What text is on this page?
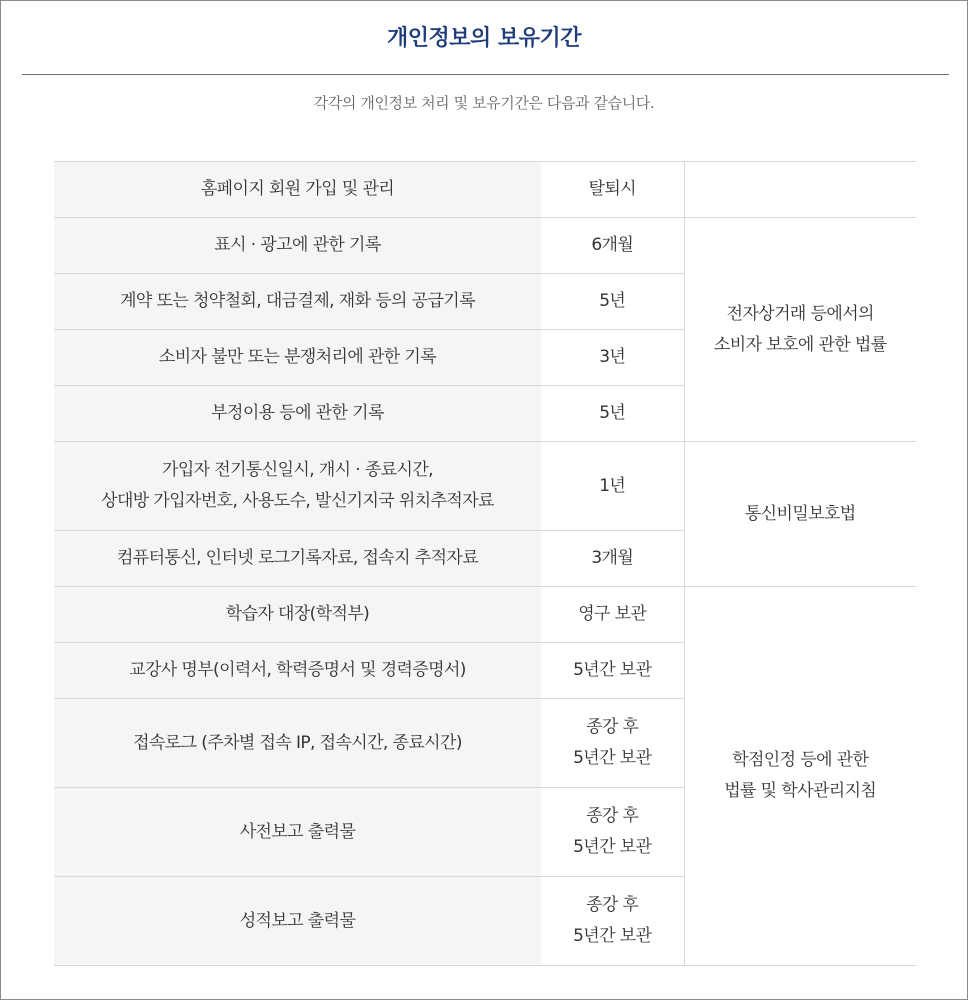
개인정보의 보유기간
각각의 개인정보 처리 및 보유기간은 다음과 같습니다.
홈페이지 회원 가입 및 관리	탈퇴시	

표시 · 광고에 관한 기록	6개월	전자상거래 등에서의
소비자 보호에 관한 법률

계약 또는 청약철회, 대금결제, 재화 등의 공급기록	5년	

소비자 불만 또는 분쟁처리에 관한 기록	3년	

부정이용 등에 관한 기록	5년	

가입자 전기통신일시, 개시 · 종료시간,
상대방 가입자번호, 사용도수, 발신기지국 위치추적자료	1년	통신비밀보호법

컴퓨터통신, 인터넷 로그기록자료, 접속지 추적자료	3개월	

학습자 대장(학적부)	영구 보관	학점인정 등에 관한
법률 및 학사관리지침

교강사 명부(이력서, 학력증명서 및 경력증명서)	5년간 보관	

접속로그 (주차별 접속 IP, 접속시간, 종료시간)	종강 후
5년간 보관	

사전보고 출력물	종강 후
5년간 보관	

성적보고 출력물	종강 후
5년간 보관	
